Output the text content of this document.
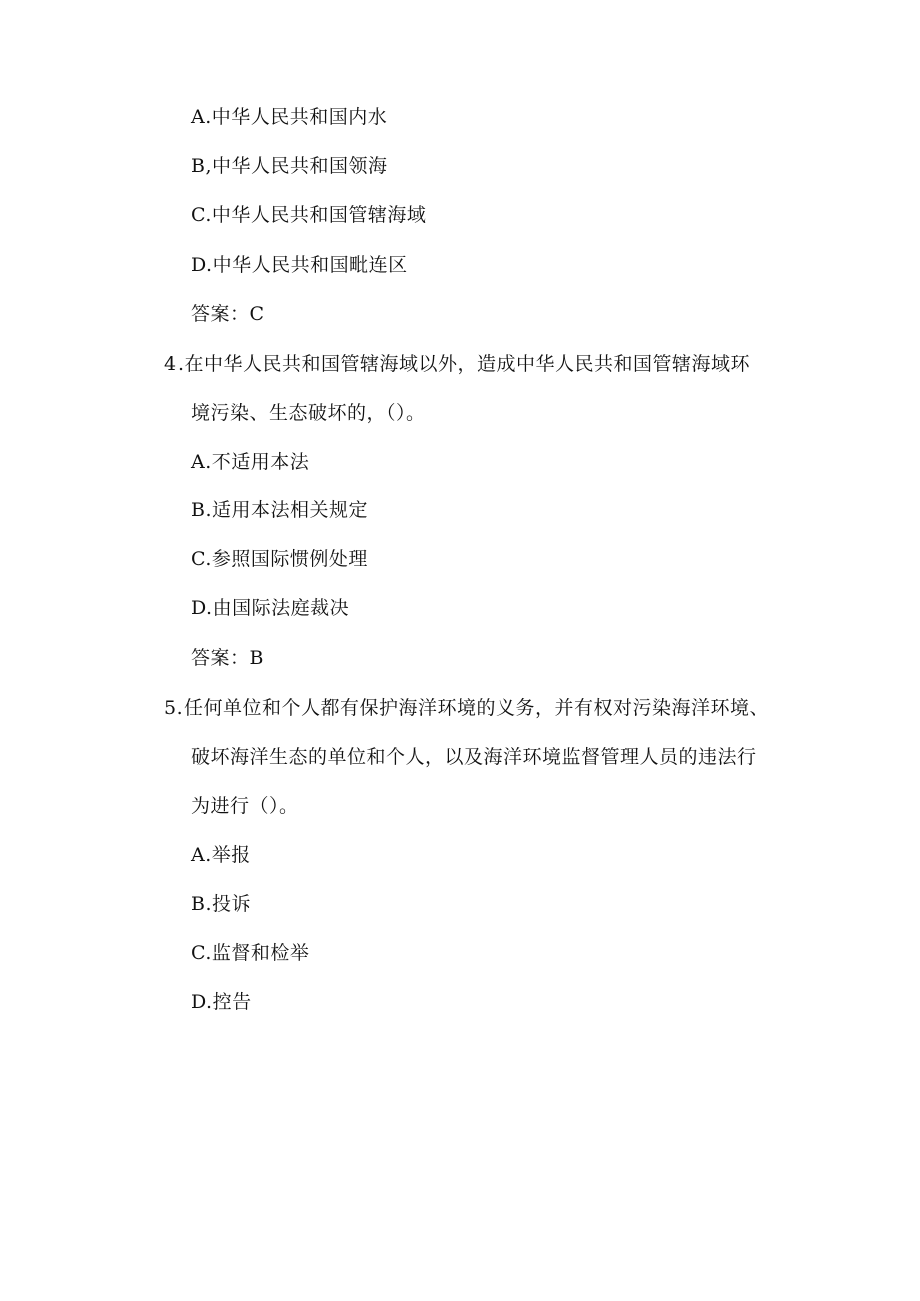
A.中华人民共和国内水
B,中华人民共和国领海
C.中华人民共和国管辖海域
D.中华人民共和国毗连区
答案：C
4 .在中华人民共和国管辖海域以外，造成中华人民共和国管辖海域环
境污染、生态破坏的，（）。
A.不适用本法
B.适用本法相关规定
C.参照国际惯例处理
D.由国际法庭裁决
答案：B
5. 任何单位和个人都有保护海洋环境的义务，并有权对污染海洋环境、
破坏海洋生态的单位和个人，以及海洋环境监督管理人员的违法行
为进行（）。
A.举报
B.投诉
C.监督和检举
D.控告
